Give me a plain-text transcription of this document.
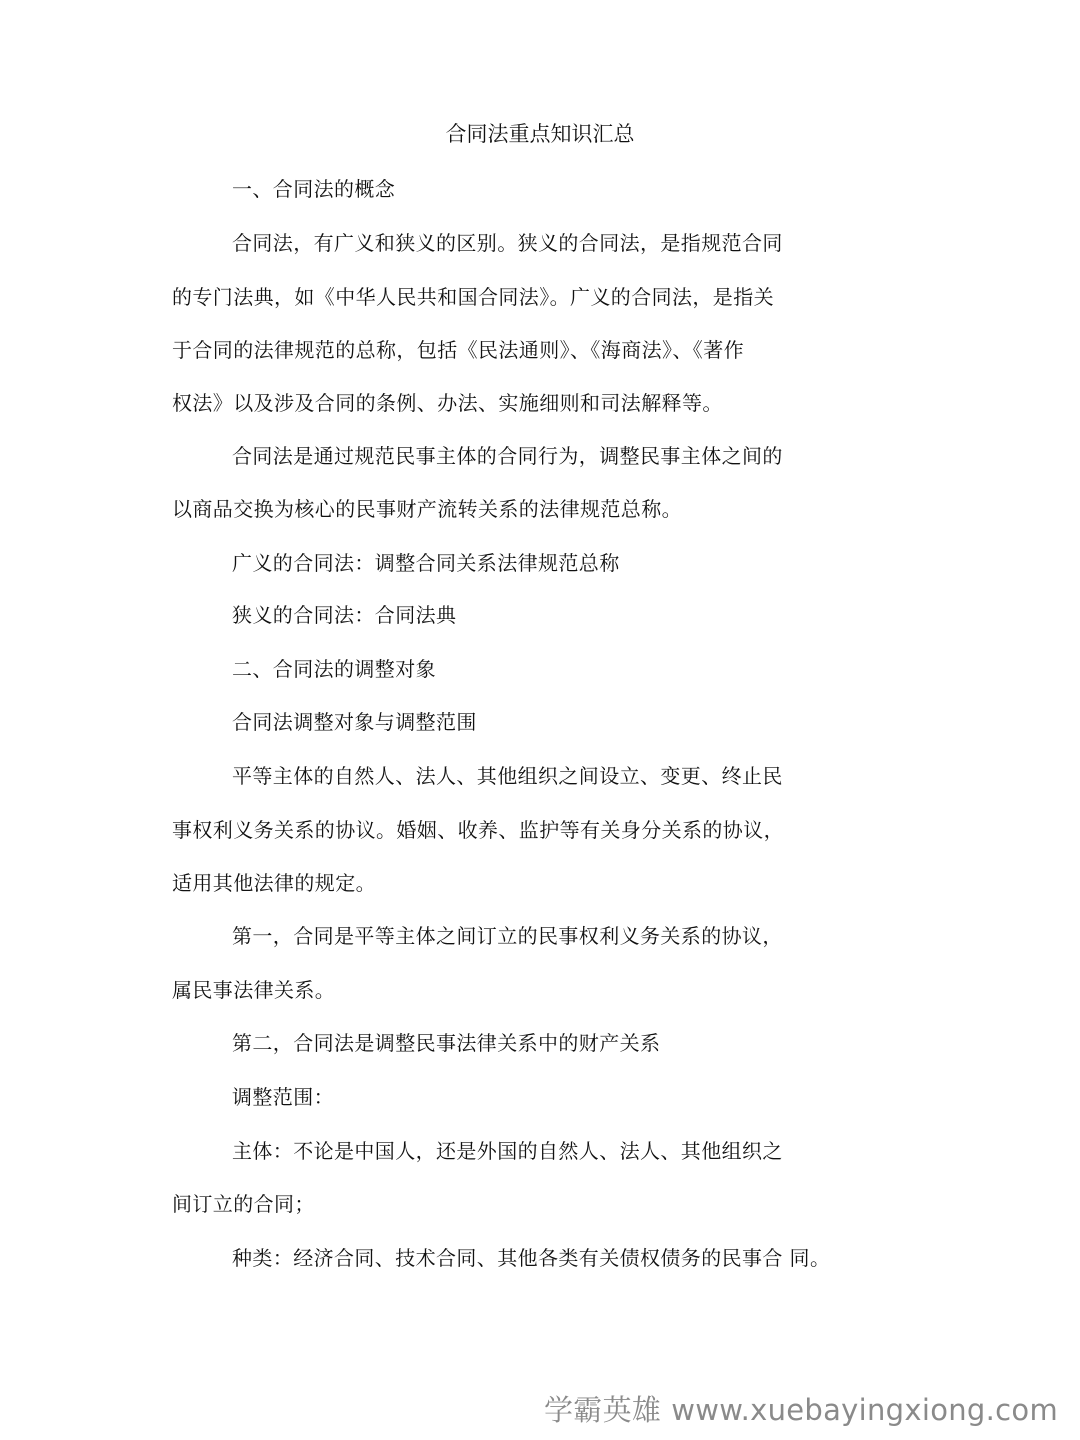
合同法重点知识汇总
一、合同法的概念
合同法，有广义和狭义的区别。狭义的合同法，是指规范合同
的专门法典，如《中华人民共和国合同法》。广义的合同法，是指关
于合同的法律规范的总称，包括《民法通则》、《海商法》、《著作
权法》以及涉及合同的条例、办法、实施细则和司法解释等。
合同法是通过规范民事主体的合同行为，调整民事主体之间的
以商品交换为核心的民事财产流转关系的法律规范总称。
广义的合同法：调整合同关系法律规范总称
狭义的合同法：合同法典
二、合同法的调整对象
合同法调整对象与调整范围
平等主体的自然人、法人、其他组织之间设立、变更、终止民
事权利义务关系的协议。婚姻、收养、监护等有关身分关系的协议，
适用其他法律的规定。
第一，合同是平等主体之间订立的民事权利义务关系的协议，
属民事法律关系。
第二，合同法是调整民事法律关系中的财产关系
调整范围：
主体：不论是中国人，还是外国的自然人、法人、其他组织之
间订立的合同；
种类：经济合同、技术合同、其他各类有关债权债务的民事合 同。
学霸英雄 www.xuebayingxiong.com
